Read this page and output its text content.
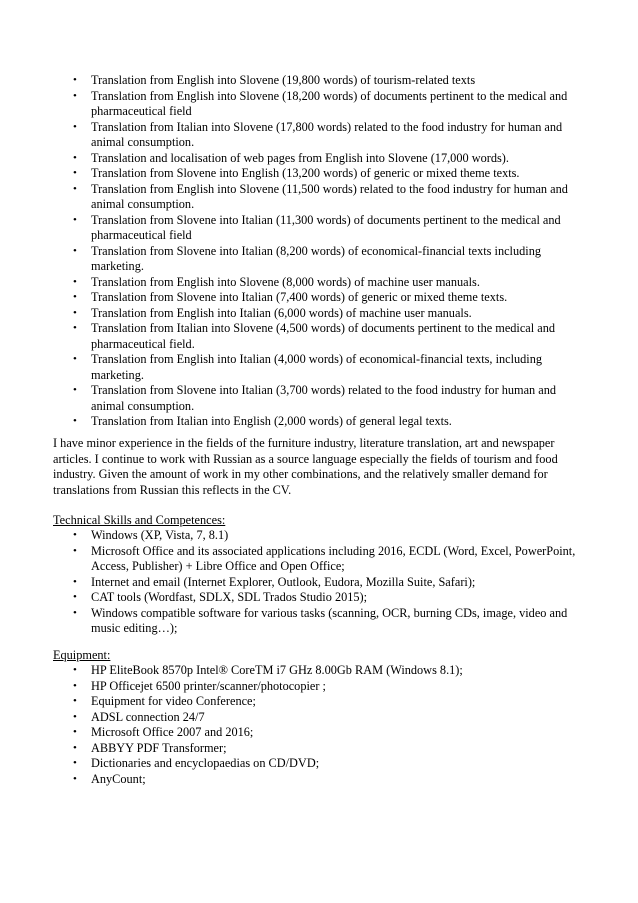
• Translation from English into Slovene (19,800 words) of tourism-related texts
• Translation from English into Slovene (18,200 words) of documents pertinent to the medical and pharmaceutical field
• Translation from Italian into Slovene (17,800 words) related to the food industry for human and animal consumption.
• Translation and localisation of web pages from English into Slovene (17,000 words).
• Translation from Slovene into English (13,200 words) of generic or mixed theme texts.
• Translation from English into Slovene (11,500 words) related to the food industry for human and animal consumption.
• Translation from Slovene into Italian (11,300 words) of documents pertinent to the medical and pharmaceutical field
• Translation from Slovene into Italian (8,200 words) of economical-financial texts including marketing.
• Translation from English into Slovene (8,000 words) of machine user manuals.
• Translation from Slovene into Italian (7,400 words) of generic or mixed theme texts.
• Translation from English into Italian (6,000 words) of machine user manuals.
• Translation from Italian into Slovene (4,500 words) of documents pertinent to the medical and pharmaceutical field.
• Translation from English into Italian (4,000 words) of economical-financial texts, including marketing.
• Translation from Slovene into Italian (3,700 words) related to the food industry for human and animal consumption.
• Translation from Italian into English (2,000 words) of general legal texts.

I have minor experience in the fields of the furniture industry, literature translation, art and newspaper articles. I continue to work with Russian as a source language especially the fields of tourism and food industry. Given the amount of work in my other combinations, and the relatively smaller demand for translations from Russian this reflects in the CV.

Technical Skills and Competences:

• Windows (XP, Vista, 7, 8.1)
• Microsoft Office and its associated applications including 2016, ECDL (Word, Excel, PowerPoint, Access, Publisher) + Libre Office and Open Office;
• Internet and email (Internet Explorer, Outlook, Eudora, Mozilla Suite, Safari);
• CAT tools (Wordfast, SDLX, SDL Trados Studio 2015);
• Windows compatible software for various tasks (scanning, OCR, burning CDs, image, video and music editing…);

Equipment:

• HP EliteBook 8570p Intel® CoreTM i7 GHz 8.00Gb RAM (Windows 8.1);
• HP Officejet 6500 printer/scanner/photocopier ;
• Equipment for video Conference;
• ADSL connection 24/7
• Microsoft Office 2007 and 2016;
• ABBYY PDF Transformer;
• Dictionaries and encyclopaedias on CD/DVD;
• AnyCount;
